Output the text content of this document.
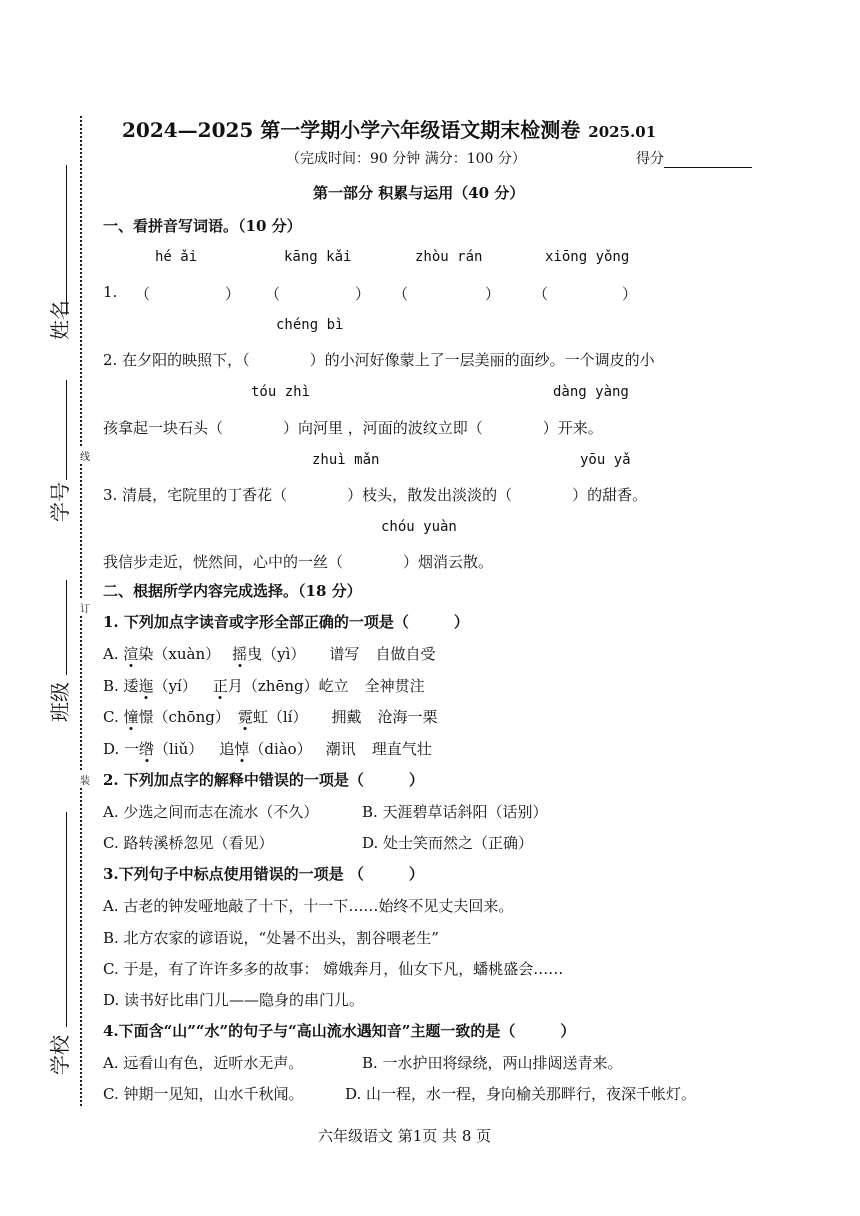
姓名
学号
班级
学校
线
订
装
2024—2025 第一学期小学六年级语文期末检测卷 2025.01
（完成时间：90 分钟 满分：100 分）	得分
第一部分 积累与运用（40 分）
一、看拼音写词语。（10 分）
hé ǎi	kāng kǎi	zhòu rán	xiōng yǒng
1. （	） （	） （	） （	）
chéng bì
2. 在夕阳的映照下，（　　　　）的小河好像蒙上了一层美丽的面纱。一个调皮的小
tóu zhì	dàng yàng
孩拿起一块石头（　　　　）向河里 ，河面的波纹立即（　　　　）开来。
zhuì mǎn	yōu yǎ
3. 清晨，宅院里的丁香花（　　　　）枝头，散发出淡淡的（　　　　）的甜香。
chóu yuàn
我信步走近，恍然间，心中的一丝（　　　　）烟消云散。
二、根据所学内容完成选择。（18 分）
1. 下列加点字读音或字形全部正确的一项是（　　　）
A. 渲染（xuàn） 摇曳（yì） 谱写 自做自受
B. 逶迤（yí） 正月（zhēng）屹立 全神贯注
C. 憧憬（chōng） 霓虹（lí） 拥戴 沧海一栗
D. 一绺（liǔ） 追悼（diào） 潮讯 理直气壮
2. 下列加点字的解释中错误的一项是（　　　）
A. 少选之间而志在流水（不久）	B. 天涯碧草话斜阳（话别）
C. 路转溪桥忽见（看见）	D. 处士笑而然之（正确）
3.下列句子中标点使用错误的一项是 （　　　）
A. 古老的钟发哑地敲了十下，十一下……始终不见丈夫回来。
B. 北方农家的谚语说，“处暑不出头，割谷喂老生”
C. 于是，有了许许多多的故事： 嫦娥奔月，仙女下凡，蟠桃盛会……
D. 读书好比串门儿——隐身的串门儿。
4.下面含“山”“水”的句子与“高山流水遇知音”主题一致的是（　　　）
A. 远看山有色，近听水无声。	B. 一水护田将绿绕，两山排闼送青来。
C. 钟期一见知，山水千秋闻。	D. 山一程，水一程，身向榆关那畔行，夜深千帐灯。
六年级语文 第1页 共 8 页
